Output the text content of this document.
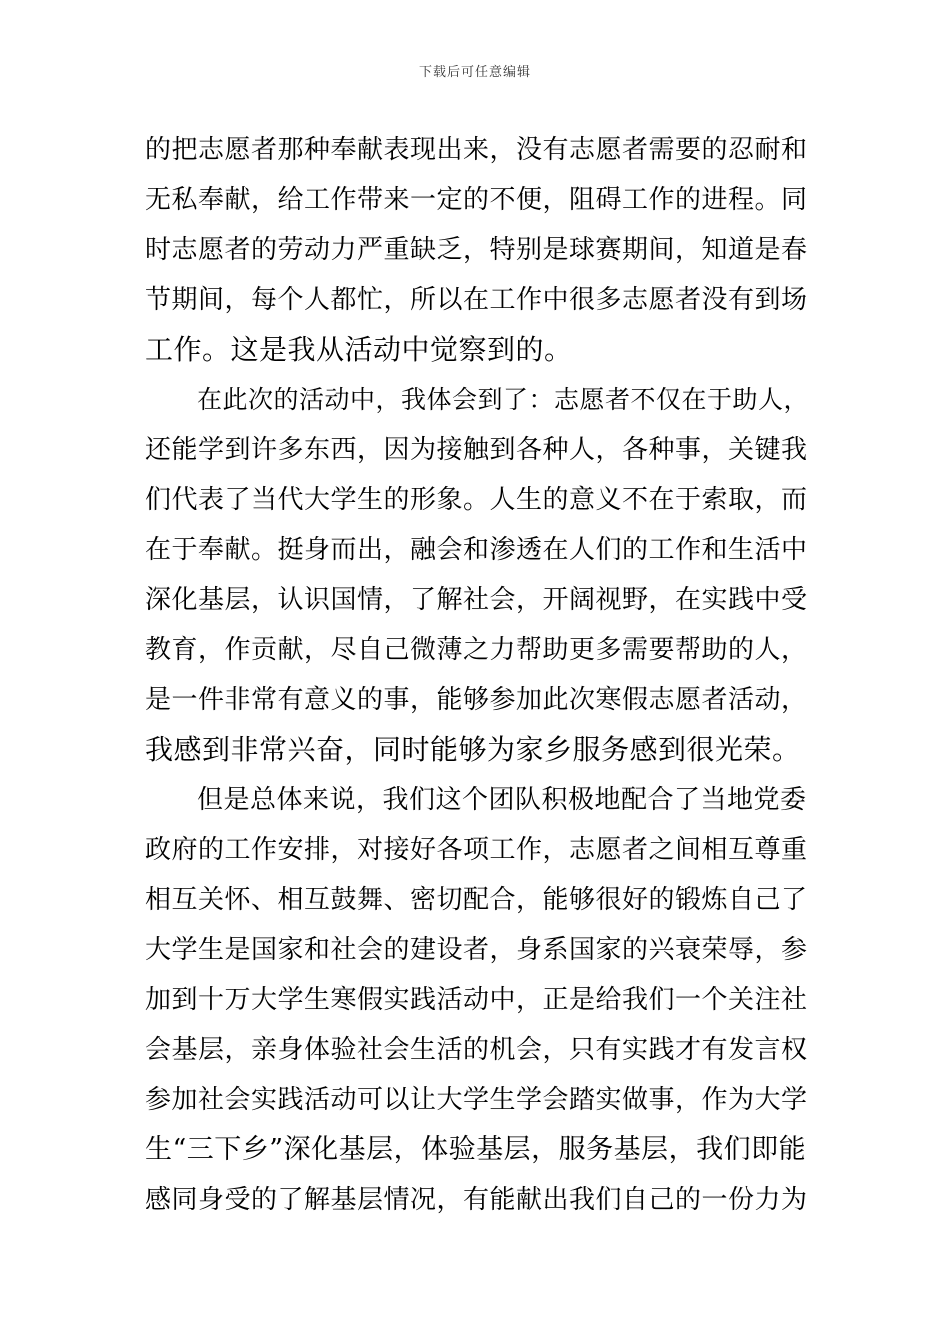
下载后可任意编辑
的把志愿者那种奉献表现出来，没有志愿者需要的忍耐和
无私奉献，给工作带来一定的不便，阻碍工作的进程。同
时志愿者的劳动力严重缺乏，特别是球赛期间，知道是春
节期间，每个人都忙，所以在工作中很多志愿者没有到场
工作。这是我从活动中觉察到的。
在此次的活动中，我体会到了：志愿者不仅在于助人，
还能学到许多东西，因为接触到各种人，各种事，关键我
们代表了当代大学生的形象。人生的意义不在于索取，而
在于奉献。挺身而出，融会和渗透在人们的工作和生活中
深化基层，认识国情，了解社会，开阔视野，在实践中受
教育，作贡献，尽自己微薄之力帮助更多需要帮助的人，
是一件非常有意义的事，能够参加此次寒假志愿者活动，
我感到非常兴奋，同时能够为家乡服务感到很光荣。
但是总体来说，我们这个团队积极地配合了当地党委
政府的工作安排，对接好各项工作，志愿者之间相互尊重
相互关怀、相互鼓舞、密切配合，能够很好的锻炼自己了
大学生是国家和社会的建设者，身系国家的兴衰荣辱，参
加到十万大学生寒假实践活动中，正是给我们一个关注社
会基层，亲身体验社会生活的机会，只有实践才有发言权
参加社会实践活动可以让大学生学会踏实做事，作为大学
生“三下乡”深化基层，体验基层，服务基层，我们即能
感同身受的了解基层情况，有能献出我们自己的一份力为
